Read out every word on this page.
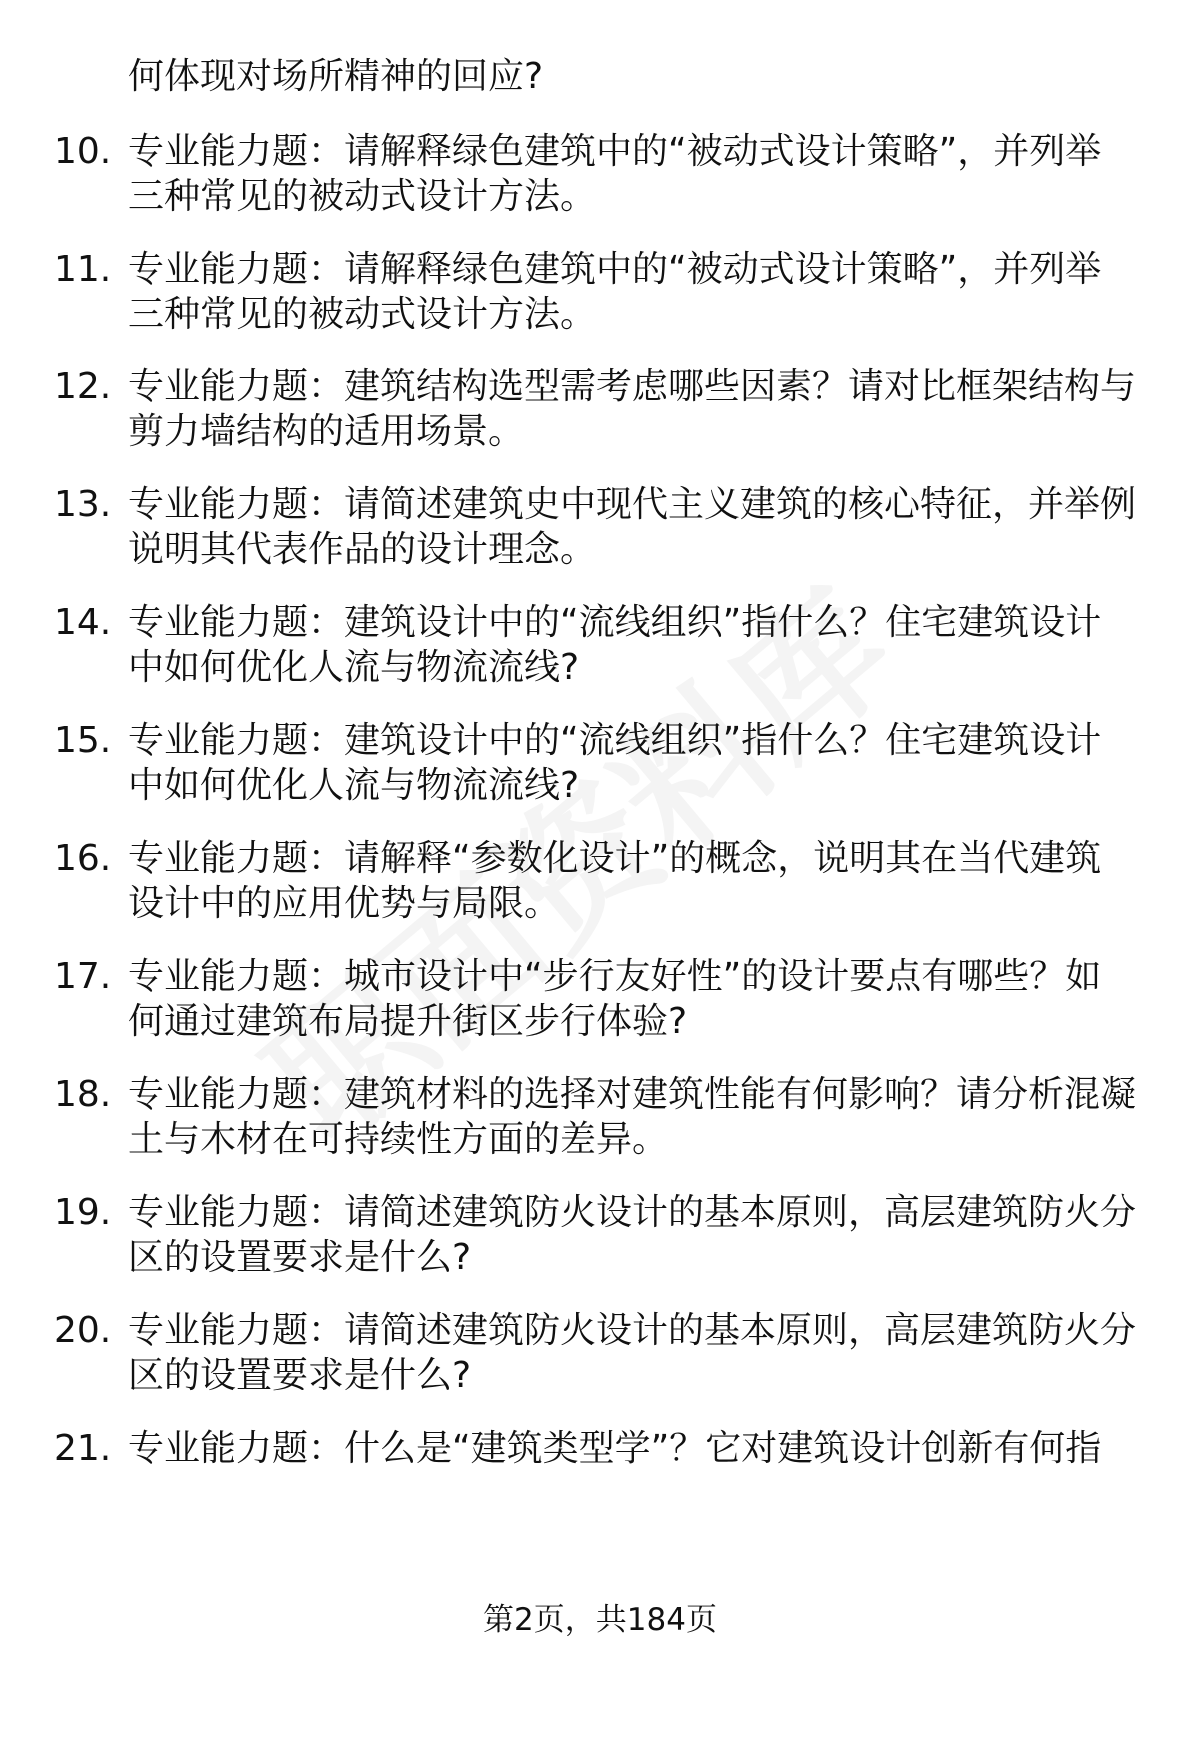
何体现对场所精神的回应?
10. 专业能力题：请解释绿色建筑中的“被动式设计策略”，并列举
三种常见的被动式设计方法。
11. 专业能力题：请解释绿色建筑中的“被动式设计策略”，并列举
三种常见的被动式设计方法。
12. 专业能力题：建筑结构选型需考虑哪些因素？请对比框架结构与
剪力墙结构的适用场景。
13. 专业能力题：请简述建筑史中现代主义建筑的核心特征，并举例
说明其代表作品的设计理念。
14. 专业能力题：建筑设计中的“流线组织”指什么？住宅建筑设计
中如何优化人流与物流流线?
15. 专业能力题：建筑设计中的“流线组织”指什么？住宅建筑设计
中如何优化人流与物流流线?
16. 专业能力题：请解释“参数化设计”的概念，说明其在当代建筑
设计中的应用优势与局限。
17. 专业能力题：城市设计中“步行友好性”的设计要点有哪些？如
何通过建筑布局提升街区步行体验?
18. 专业能力题：建筑材料的选择对建筑性能有何影响？请分析混凝
土与木材在可持续性方面的差异。
19. 专业能力题：请简述建筑防火设计的基本原则，高层建筑防火分
区的设置要求是什么?
20. 专业能力题：请简述建筑防火设计的基本原则，高层建筑防火分
区的设置要求是什么?
21. 专业能力题：什么是“建筑类型学”？它对建筑设计创新有何指
第2页，共184页
